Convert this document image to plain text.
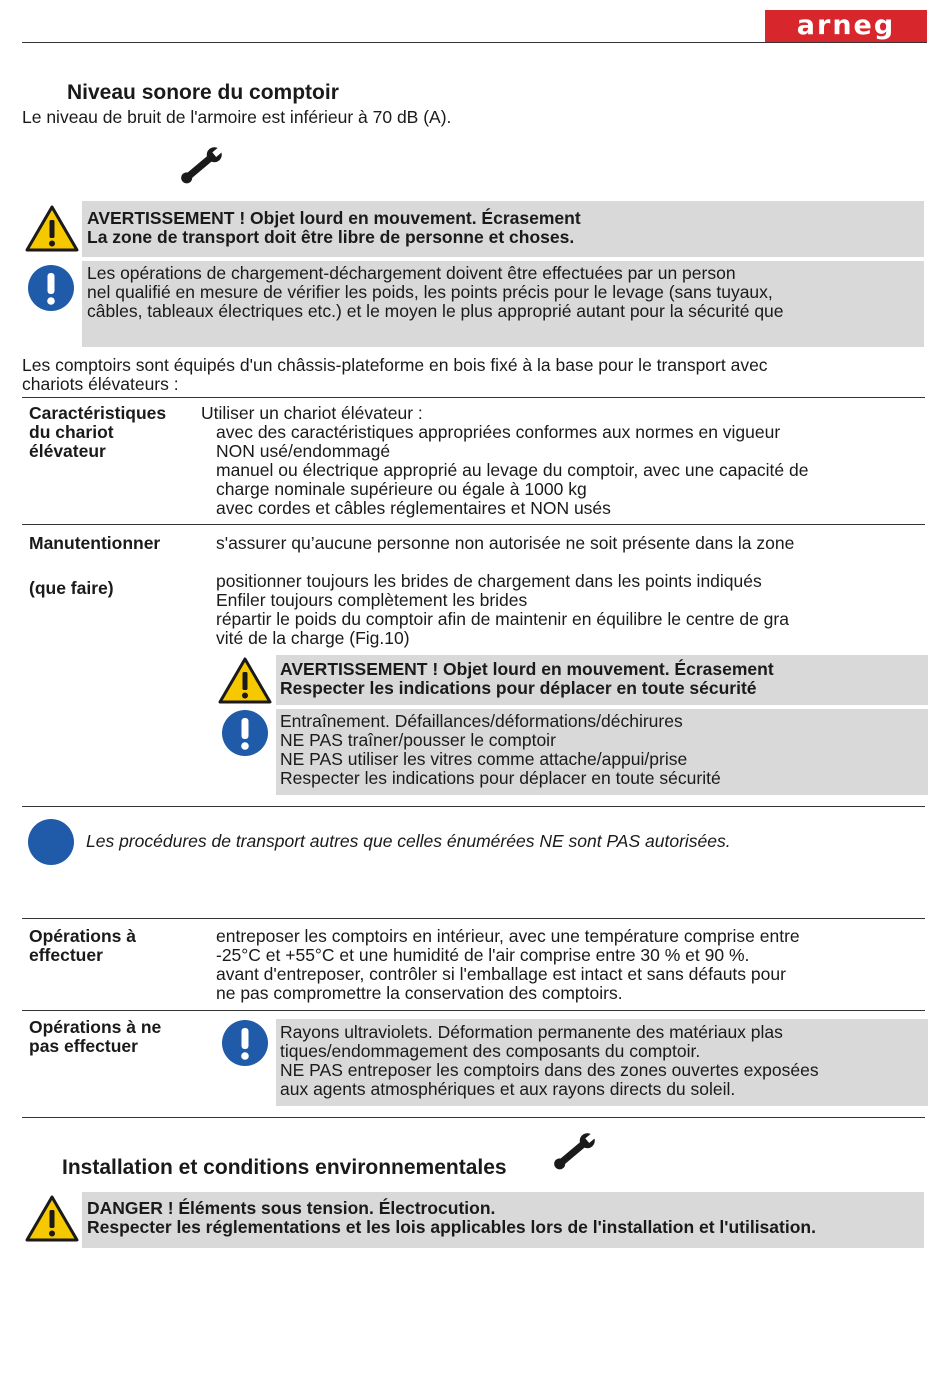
arneg
Niveau sonore du comptoir
Le niveau de bruit de l'armoire est inférieur à 70 dB (A).
AVERTISSEMENT ! Objet lourd en mouvement. Écrasement
La zone de transport doit être libre de personne et choses.
Les opérations de chargement-déchargement doivent être effectuées par un person
nel qualifié en mesure de vérifier les poids, les points précis pour le levage (sans tuyaux,
câbles, tableaux électriques etc.) et le moyen le plus approprié autant pour la sécurité que
Les comptoirs sont équipés d'un châssis-plateforme en bois fixé à la base pour le transport avec
chariots élévateurs :
Caractéristiques
du chariot
élévateur
Utiliser un chariot élévateur :
avec des caractéristiques appropriées conformes aux normes en vigueur
NON usé/endommagé
manuel ou électrique approprié au levage du comptoir, avec une capacité de
charge nominale supérieure ou égale à 1000 kg
avec cordes et câbles réglementaires et NON usés
Manutentionner
(que faire)
s'assurer qu’aucune personne non autorisée ne soit présente dans la zone
positionner toujours les brides de chargement dans les points indiqués
Enfiler toujours complètement les brides
répartir le poids du comptoir afin de maintenir en équilibre le centre de gra
vité de la charge (Fig.10)
AVERTISSEMENT ! Objet lourd en mouvement. Écrasement
Respecter les indications pour déplacer en toute sécurité
Entraînement. Défaillances/déformations/déchirures
NE PAS traîner/pousser le comptoir
NE PAS utiliser les vitres comme attache/appui/prise
Respecter les indications pour déplacer en toute sécurité
Les procédures de transport autres que celles énumérées NE sont PAS autorisées.
Opérations à
effectuer
entreposer les comptoirs en intérieur, avec une température comprise entre
-25°C et +55°C et une humidité de l'air comprise entre 30 % et 90 %.
avant d'entreposer, contrôler si l'emballage est intact et sans défauts pour
ne pas compromettre la conservation des comptoirs.
Opérations à ne
pas effectuer
Rayons ultraviolets. Déformation permanente des matériaux plas
tiques/endommagement des composants du comptoir.
NE PAS entreposer les comptoirs dans des zones ouvertes exposées
aux agents atmosphériques et aux rayons directs du soleil.
Installation et conditions environnementales
DANGER ! Éléments sous tension. Électrocution.
Respecter les réglementations et les lois applicables lors de l'installation et l'utilisation.
